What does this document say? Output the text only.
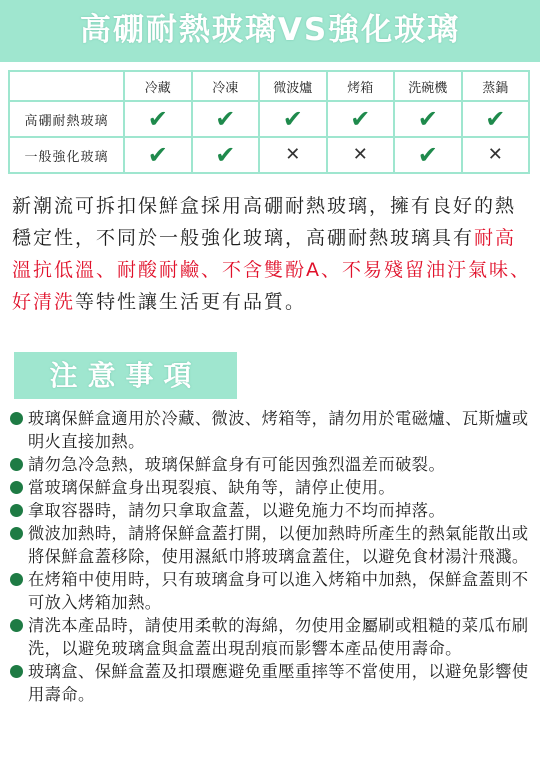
高硼耐熱玻璃VS強化玻璃
	冷藏	冷凍	微波爐	烤箱	洗碗機	蒸鍋
高硼耐熱玻璃	✔	✔	✔	✔	✔	✔
一般強化玻璃	✔	✔	✕	✕	✔	✕
新潮流可拆扣保鮮盒採用高硼耐熱玻璃，擁有良好的熱穩定性，不同於一般強化玻璃，高硼耐熱玻璃具有耐高溫抗低溫、耐酸耐鹼、不含雙酚A、不易殘留油汙氣味、好清洗等特性讓生活更有品質。
注意事項
玻璃保鮮盒適用於冷藏、微波、烤箱等，請勿用於電磁爐、瓦斯爐或明火直接加熱。
請勿急冷急熱，玻璃保鮮盒身有可能因強烈溫差而破裂。
當玻璃保鮮盒身出現裂痕、缺角等，請停止使用。
拿取容器時，請勿只拿取盒蓋，以避免施力不均而掉落。
微波加熱時，請將保鮮盒蓋打開，以便加熱時所產生的熱氣能散出或將保鮮盒蓋移除，使用濕紙巾將玻璃盒蓋住，以避免食材湯汁飛濺。
在烤箱中使用時，只有玻璃盒身可以進入烤箱中加熱，保鮮盒蓋則不可放入烤箱加熱。
清洗本產品時，請使用柔軟的海綿，勿使用金屬刷或粗糙的菜瓜布刷洗，以避免玻璃盒與盒蓋出現刮痕而影響本產品使用壽命。
玻璃盒、保鮮盒蓋及扣環應避免重壓重摔等不當使用，以避免影響使用壽命。
